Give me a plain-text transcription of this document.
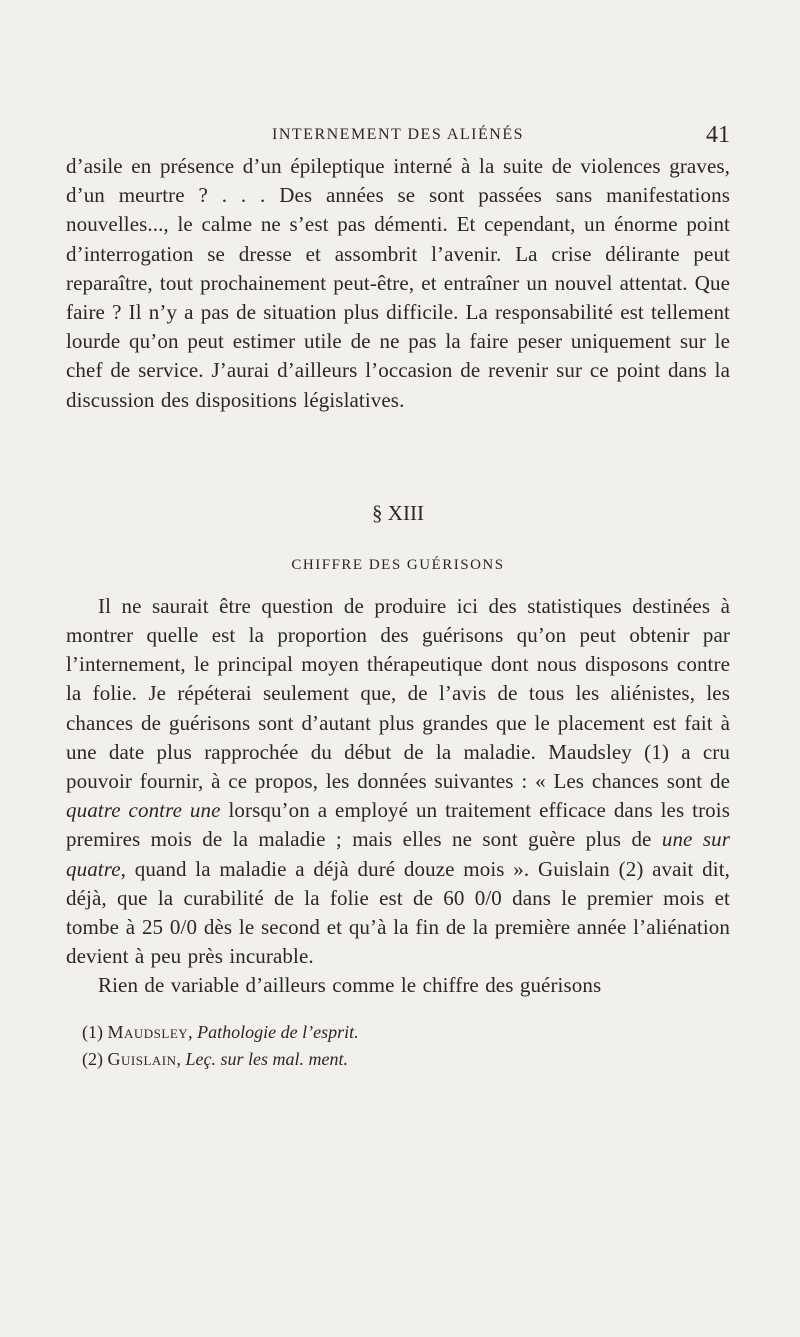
INTERNEMENT DES ALIÉNÉS	41

d’asile en présence d’un épileptique interné à la suite de violences graves, d’un meurtre ? . . . Des années se sont passées sans manifestations nouvelles..., le calme ne s’est pas démenti. Et cependant, un énorme point d’interrogation se dresse et assombrit l’avenir. La crise délirante peut reparaître, tout prochainement peut-être, et entraîner un nouvel attentat. Que faire ? Il n’y a pas de situation plus difficile. La responsabilité est tellement lourde qu’on peut estimer utile de ne pas la faire peser uniquement sur le chef de service. J’aurai d’ailleurs l’occasion de revenir sur ce point dans la discussion des dispositions législatives.

§ XIII
CHIFFRE DES GUÉRISONS

Il ne saurait être question de produire ici des statistiques destinées à montrer quelle est la proportion des guérisons qu’on peut obtenir par l’internement, le principal moyen thérapeutique dont nous disposons contre la folie. Je répéterai seulement que, de l’avis de tous les aliénistes, les chances de guérisons sont d’autant plus grandes que le placement est fait à une date plus rapprochée du début de la maladie. Maudsley (1) a cru pouvoir fournir, à ce propos, les données suivantes : « Les chances sont de quatre contre une lorsqu’on a employé un traitement efficace dans les trois premires mois de la maladie ; mais elles ne sont guère plus de une sur quatre, quand la maladie a déjà duré douze mois ». Guislain (2) avait dit, déjà, que la curabilité de la folie est de 60 0/0 dans le premier mois et tombe à 25 0/0 dès le second et qu’à la fin de la première année l’aliénation devient à peu près incurable.

Rien de variable d’ailleurs comme le chiffre des guérisons

(1) Maudsley, Pathologie de l’esprit.
(2) Guislain, Leç. sur les mal. ment.
